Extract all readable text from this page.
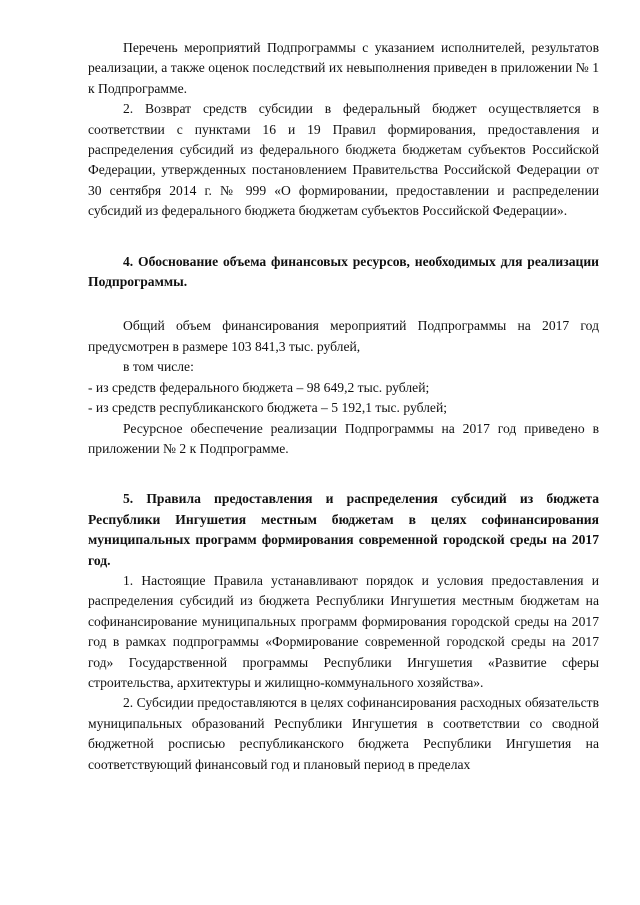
Перечень мероприятий Подпрограммы с указанием исполнителей, результатов реализации, а также оценок последствий их невыполнения приведен в приложении № 1 к Подпрограмме.

2. Возврат средств субсидии в федеральный бюджет осуществляется в соответствии с пунктами 16 и 19 Правил формирования, предоставления и распределения субсидий из федерального бюджета бюджетам субъектов Российской Федерации, утвержденных постановлением Правительства Российской Федерации от 30 сентября 2014 г. № 999 «О формировании, предоставлении и распределении субсидий из федерального бюджета бюджетам субъектов Российской Федерации».

4. Обоснование объема финансовых ресурсов, необходимых для реализации Подпрограммы.

Общий объем финансирования мероприятий Подпрограммы на 2017 год предусмотрен в размере 103 841,3 тыс. рублей,

в том числе:

- из средств федерального бюджета – 98 649,2 тыс. рублей;

- из средств республиканского бюджета – 5 192,1 тыс. рублей;

Ресурсное обеспечение реализации Подпрограммы на 2017 год приведено в приложении № 2 к Подпрограмме.

5. Правила предоставления и распределения субсидий из бюджета Республики Ингушетия местным бюджетам в целях софинансирования муниципальных программ формирования современной городской среды на 2017 год.

1. Настоящие Правила устанавливают порядок и условия предоставления и распределения субсидий из бюджета Республики Ингушетия местным бюджетам на софинансирование муниципальных программ формирования городской среды на 2017 год в рамках подпрограммы «Формирование современной городской среды на 2017 год» Государственной программы Республики Ингушетия «Развитие сферы строительства, архитектуры и жилищно-коммунального хозяйства».

2. Субсидии предоставляются в целях софинансирования расходных обязательств муниципальных образований Республики Ингушетия в соответствии со сводной бюджетной росписью республиканского бюджета Республики Ингушетия на соответствующий финансовый год и плановый период в пределах
